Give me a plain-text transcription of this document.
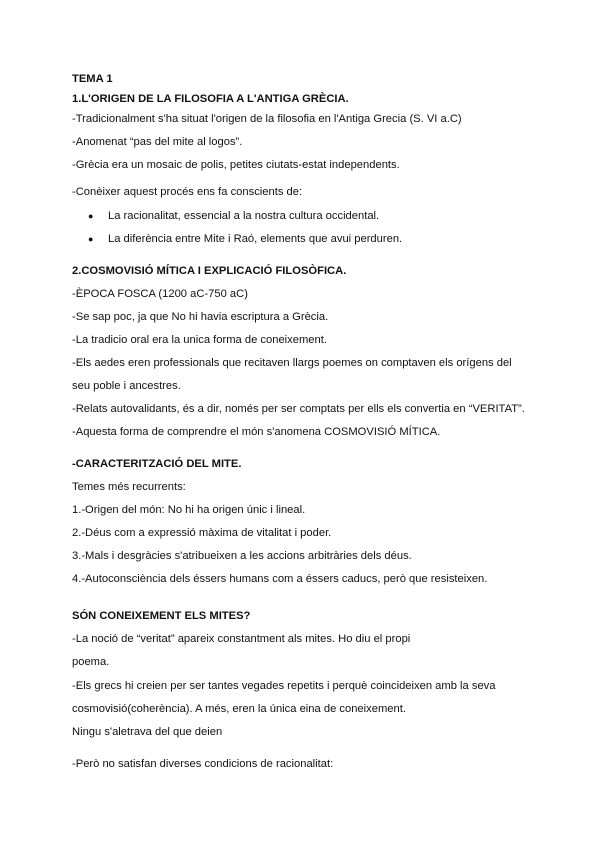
TEMA 1
1.L'ORIGEN DE LA FILOSOFIA A L'ANTIGA GRÈCIA.
-Tradicionalment s'ha situat l'origen de la filosofia en l'Antiga Grecia (S. VI a.C)
-Anomenat “pas del mite al logos”.
-Grècia era un mosaic de polis, petites ciutats-estat independents.
-Conèixer aquest procés ens fa conscients de:
● La racionalitat, essencial a la nostra cultura occidental.
● La diferència entre Mite i Raó, elements que avui perduren.
2.COSMOVISIÓ MÍTICA I EXPLICACIÓ FILOSÒFICA.
-ÈPOCA FOSCA (1200 aC-750 aC)
-Se sap poc, ja que No hi havia escriptura a Grècia.
-La tradicio oral era la unica forma de coneixement.
-Els aedes eren professionals que recitaven llargs poemes on comptaven els orígens del
seu poble i ancestres.
-Relats autovalidants, és a dir, només per ser comptats per ells els convertia en “VERITAT”.
-Aquesta forma de comprendre el món s'anomena COSMOVISIÓ MÍTICA.
-CARACTERITZACIÓ DEL MITE.
Temes més recurrents:
1.-Origen del món: No hi ha origen únic i lineal.
2.-Déus com a expressió màxima de vitalitat i poder.
3.-Mals i desgràcies s'atribueixen a les accions arbitràries dels déus.
4.-Autoconsciència dels éssers humans com a éssers caducs, però que resisteixen.
SÓN CONEIXEMENT ELS MITES?
-La noció de “veritat” apareix constantment als mites. Ho diu el propi
poema.
-Els grecs hi creien per ser tantes vegades repetits i perquè coincideixen amb la seva
cosmovisió(coherència). A més, eren la única eina de coneixement.
Ningu s'aletrava del que deien
-Però no satisfan diverses condicions de racionalitat:
